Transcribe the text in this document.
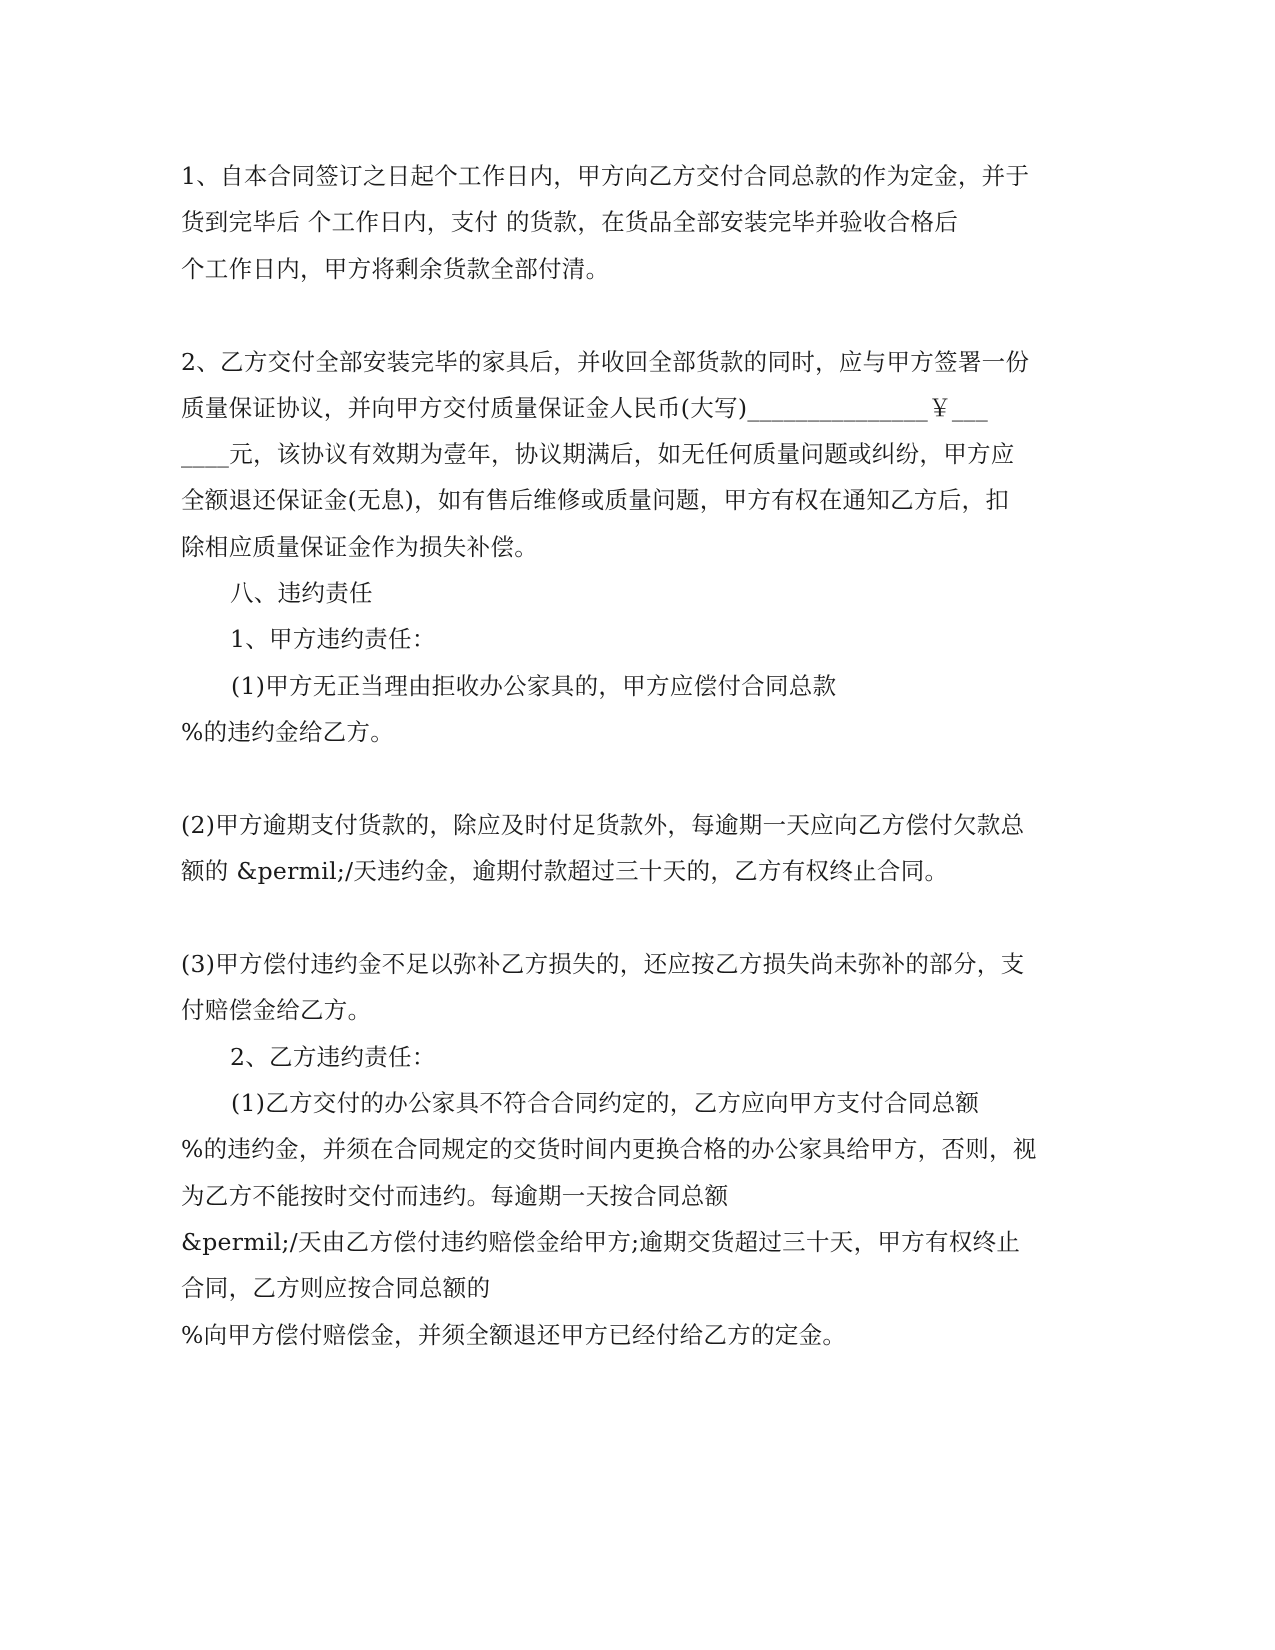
1、自本合同签订之日起个工作日内，甲方向乙方交付合同总款的作为定金，并于
货到完毕后 个工作日内，支付 的货款，在货品全部安装完毕并验收合格后
个工作日内，甲方将剩余货款全部付清。
2、乙方交付全部安装完毕的家具后，并收回全部货款的同时，应与甲方签署一份
质量保证协议，并向甲方交付质量保证金人民币(大写)_______________￥___
____元，该协议有效期为壹年，协议期满后，如无任何质量问题或纠纷，甲方应
全额退还保证金(无息)，如有售后维修或质量问题，甲方有权在通知乙方后，扣
除相应质量保证金作为损失补偿。
八、违约责任
1、甲方违约责任：
(1)甲方无正当理由拒收办公家具的，甲方应偿付合同总款
%的违约金给乙方。
(2)甲方逾期支付货款的，除应及时付足货款外，每逾期一天应向乙方偿付欠款总
额的 &permil;/天违约金，逾期付款超过三十天的，乙方有权终止合同。
(3)甲方偿付违约金不足以弥补乙方损失的，还应按乙方损失尚未弥补的部分，支
付赔偿金给乙方。
2、乙方违约责任：
(1)乙方交付的办公家具不符合合同约定的，乙方应向甲方支付合同总额
%的违约金，并须在合同规定的交货时间内更换合格的办公家具给甲方，否则，视
为乙方不能按时交付而违约。每逾期一天按合同总额
&permil;/天由乙方偿付违约赔偿金给甲方;逾期交货超过三十天，甲方有权终止
合同，乙方则应按合同总额的
%向甲方偿付赔偿金，并须全额退还甲方已经付给乙方的定金。
